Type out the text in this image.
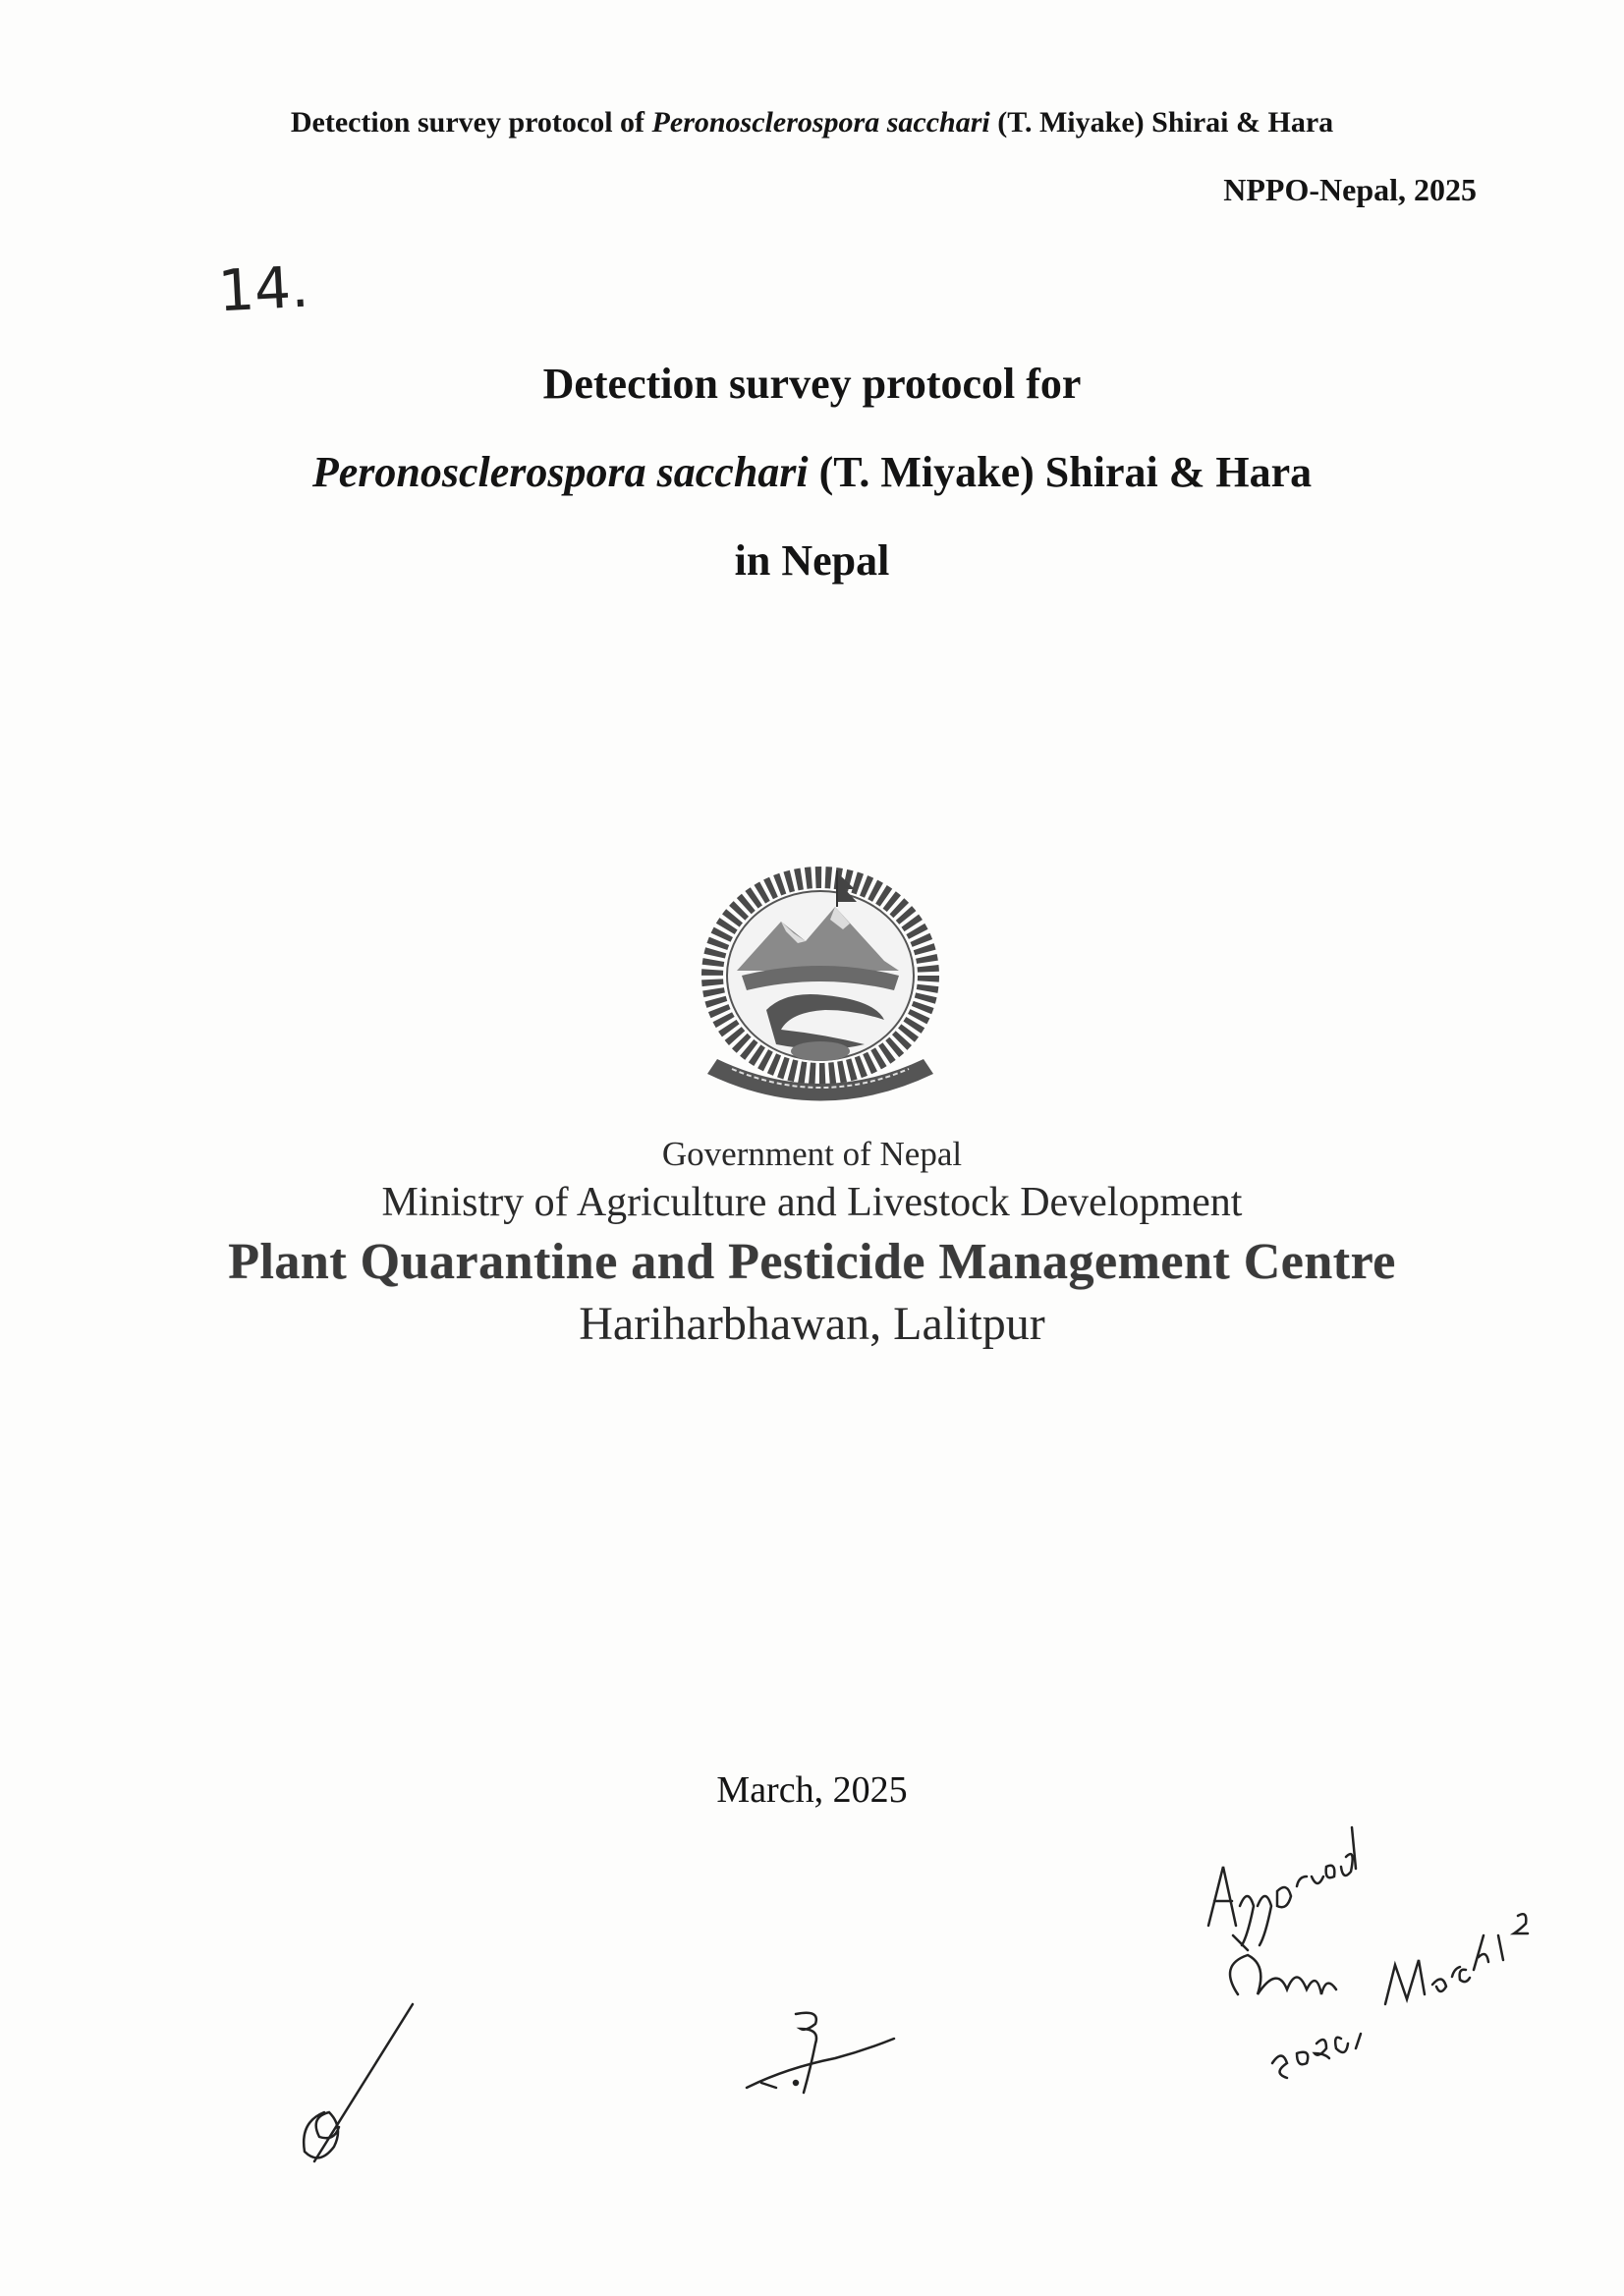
Detection survey protocol of Peronosclerospora sacchari (T. Miyake) Shirai & Hara
NPPO-Nepal, 2025
14.
Detection survey protocol for
Peronosclerospora sacchari (T. Miyake) Shirai & Hara
in Nepal
Government of Nepal
Ministry of Agriculture and Livestock Development
Plant Quarantine and Pesticide Management Centre
Hariharbhawan, Lalitpur
March, 2025
